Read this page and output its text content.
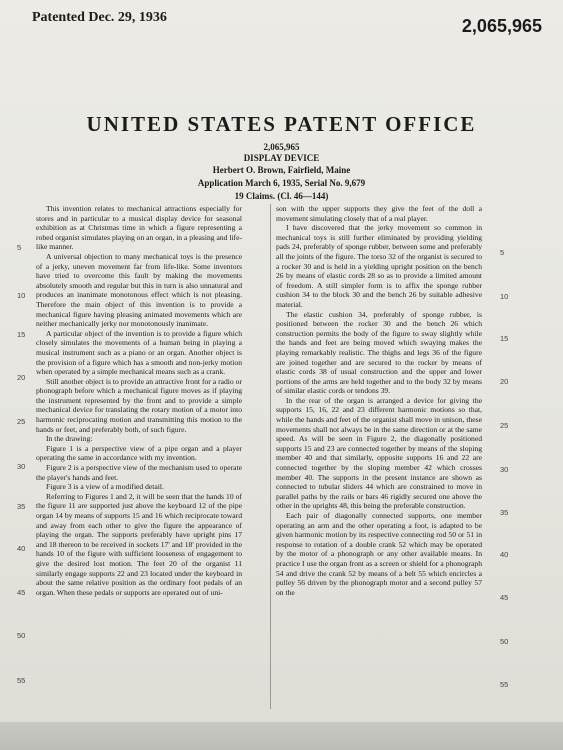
Patented Dec. 29, 1936	2,065,965
UNITED STATES PATENT OFFICE
2,065,965
DISPLAY DEVICE
Herbert O. Brown, Fairfield, Maine
Application March 6, 1935, Serial No. 9,679
19 Claims. (Cl. 46—144)

This invention relates to mechanical attractions especially for stores and in particular to a musical display device for seasonal exhibition as at Christmas time in which a figure representing a robed organist simulates playing on an organ, in a pleasing and life-like manner.

A universal objection to many mechanical toys is the presence of a jerky, uneven movement far from life-like. Some inventors have tried to overcome this fault by making the movements absolutely smooth and regular but this in turn is also unnatural and produces an inanimate monotonous effect which is not pleasing. Therefore the main object of this invention is to provide a mechanical figure having pleasing animated movements which are neither mechanically jerky nor monotonously inanimate.

A particular object of the invention is to provide a figure which closely simulates the movements of a human being in playing a musical instrument such as a piano or an organ. Another object is the provision of a figure which has a smooth and non-jerky motion when operated by a simple mechanical means such as a crank.

Still another object is to provide an attractive front for a radio or phonograph before which a mechanical figure moves as if playing the instrument represented by the front and to provide a simple mechanical device for translating the rotary motion of a motor into harmonic reciprocating motion and transmitting this motion to the hands or feet, and preferably both, of such figure.

In the drawing:

Figure 1 is a perspective view of a pipe organ and a player operating the same in accordance with my invention.

Figure 2 is a perspective view of the mechanism used to operate the player's hands and feet.

Figure 3 is a view of a modified detail.

Referring to Figures 1 and 2, it will be seen that the hands 10 of the figure 11 are supported just above the keyboard 12 of the pipe organ 14 by means of supports 15 and 16 which reciprocate toward and away from each other to give the figure the appearance of playing the organ. The supports preferably have upright pins 17 and 18 thereon to be received in sockets 17' and 18' provided in the hands 10 of the figure with sufficient looseness of engagement to give the desired lost motion. The feet 20 of the organist 11 similarly engage supports 22 and 23 located under the keyboard in about the same relative position as the ordinary foot pedals of an organ. When these pedals or supports are operated out of uni-

son with the upper supports they give the feet of the doll a movement simulating closely that of a real player.

I have discovered that the jerky movement so common in mechanical toys is still further eliminated by providing yielding pads 24, preferably of sponge rubber, between some and preferably all the joints of the figure. The torso 32 of the organist is secured to a rocker 30 and is held in a yielding upright position on the bench 26 by means of elastic cords 28 so as to provide a limited amount of freedom. A still simpler form is to affix the sponge rubber cushion 34 to the block 30 and the bench 26 by suitable adhesive material.

The elastic cushion 34, preferably of sponge rubber, is positioned between the rocker 30 and the bench 26 which construction permits the body of the figure to sway slightly while the hands and feet are being moved which swaying makes the playing remarkably realistic. The thighs and legs 36 of the figure are joined together and are secured to the rocker by means of elastic cords 38 of usual construction and the upper and lower portions of the arms are held together and to the body 32 by means of similar elastic cords or tendons 39.

In the rear of the organ is arranged a device for giving the supports 15, 16, 22 and 23 different harmonic motions so that, while the hands and feet of the organist shall move in unison, these movements shall not always be in the same direction or at the same speed. As will be seen in Figure 2, the diagonally positioned supports 15 and 23 are connected together by means of the sloping member 40 and that similarly, opposite supports 16 and 22 are connected together by the sloping member 42 which crosses member 40. The supports in the present instance are shown as connected to tubular sliders 44 which are constrained to move in parallel paths by the rails or bars 46 rigidly secured one above the other in the uprights 48, this being the preferable construction.

Each pair of diagonally connected supports, one member operating an arm and the other operating a foot, is adapted to be given harmonic motion by its respective connecting rod 50 or 51 in response to rotation of a double crank 52 which may be operated by the motor of a phonograph or any other available means. In practice I use the organ front as a screen or shield for a phonograph 54 and drive the crank 52 by means of a belt 55 which encircles a pulley 56 driven by the phonograph motor and a second pulley 57 on the

5
10
15
20
25
30
35
40
45
50
55
5
10
15
20
25
30
35
40
45
50
55
